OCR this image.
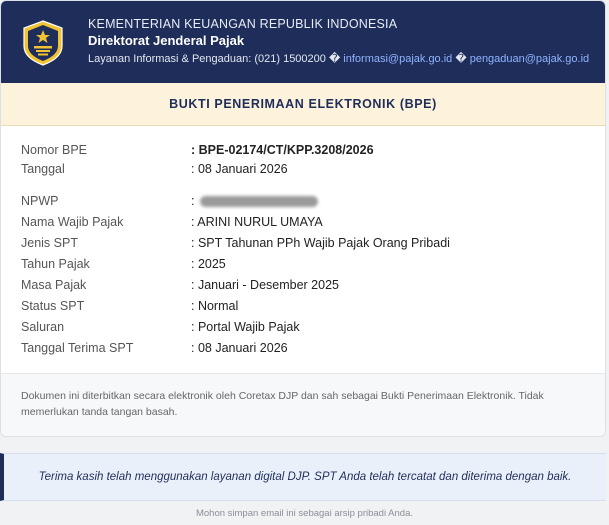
KEMENTERIAN KEUANGAN REPUBLIK INDONESIA
Direktorat Jenderal Pajak
Layanan Informasi & Pengaduan: (021) 1500200 � informasi@pajak.go.id � pengaduan@pajak.go.id
BUKTI PENERIMAAN ELEKTRONIK (BPE)
Nomor BPE	: BPE-02174/CT/KPP.3208/2026
Tanggal	: 08 Januari 2026
NPWP	:
Nama Wajib Pajak	: ARINI NURUL UMAYA
Jenis SPT	: SPT Tahunan PPh Wajib Pajak Orang Pribadi
Tahun Pajak	: 2025
Masa Pajak	: Januari - Desember 2025
Status SPT	: Normal
Saluran	: Portal Wajib Pajak
Tanggal Terima SPT	: 08 Januari 2026
Dokumen ini diterbitkan secara elektronik oleh Coretax DJP dan sah sebagai Bukti Penerimaan Elektronik. Tidak memerlukan tanda tangan basah.
Terima kasih telah menggunakan layanan digital DJP. SPT Anda telah tercatat dan diterima dengan baik.
Mohon simpan email ini sebagai arsip pribadi Anda.
